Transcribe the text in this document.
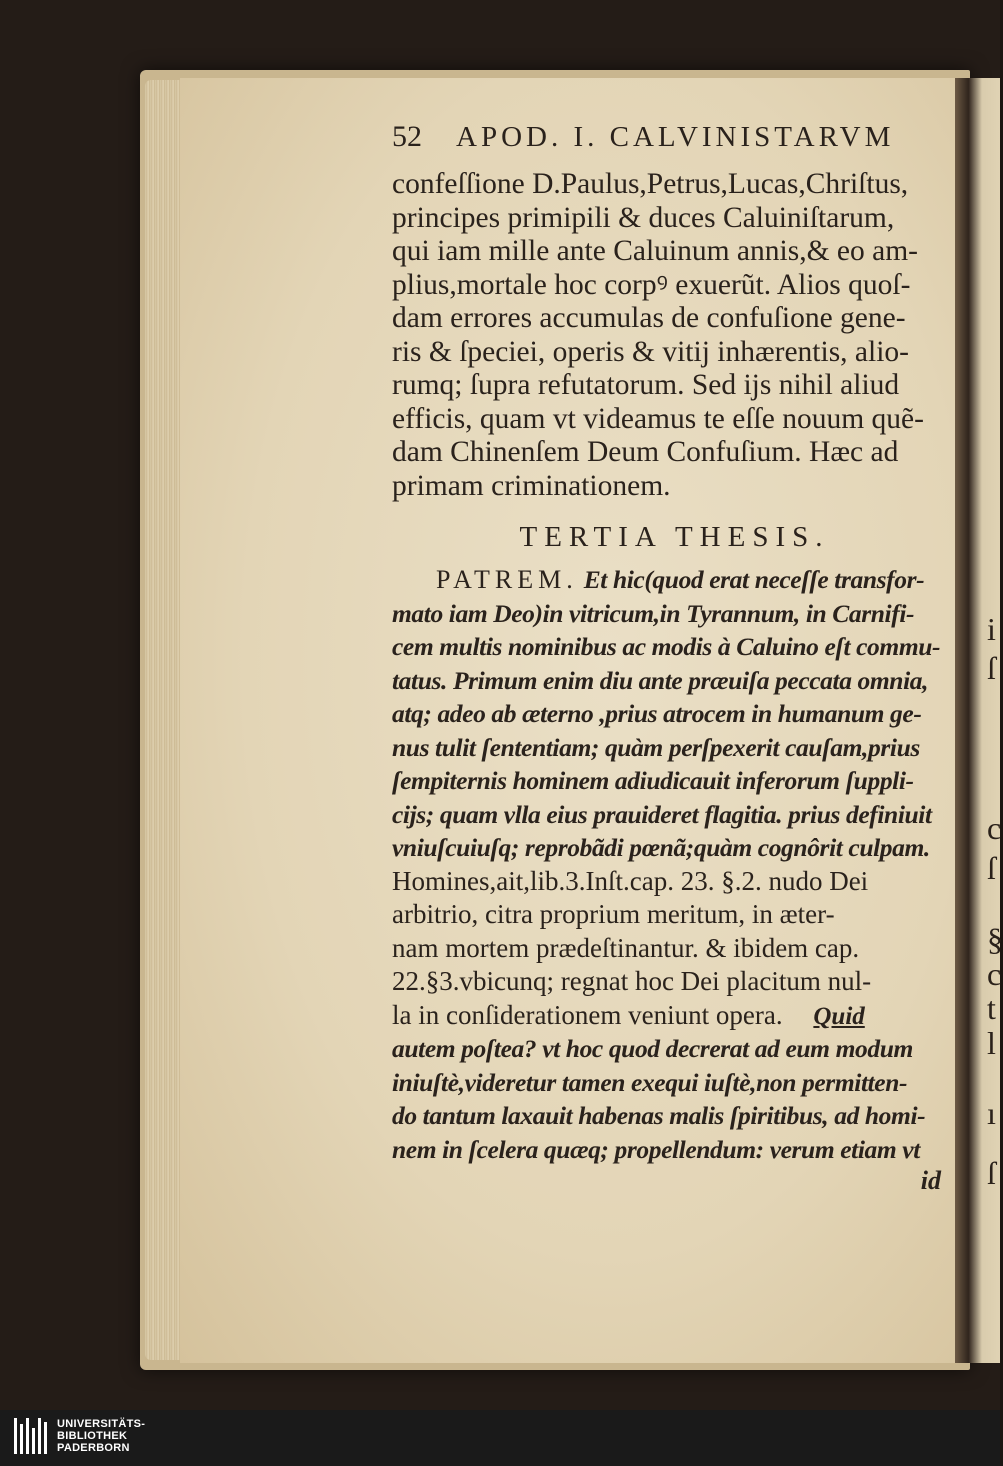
i
ſ
c
ſ
§
c
t
l
ı
ſ
52 APOD. I. CALVINISTARVM
confeſſione D.Paulus,Petrus,Lucas,Chriſtus,
principes primipili & duces Caluiniſtarum,
qui iam mille ante Caluinum annis,& eo am-
plius,mortale hoc corpꝰ exuerũt. Alios quoſ-
dam errores accumulas de confuſione gene-
ris & ſpeciei, operis & vitij inhærentis, alio-
rumq; ſupra refutatorum. Sed ijs nihil aliud
efficis, quam vt videamus te eſſe nouum quẽ-
dam Chinenſem Deum Confuſium. Hæc ad
primam criminationem.
TERTIA THESIS.
PATREM. Et hic(quod erat neceſſe transfor-
mato iam Deo)in vitricum,in Tyrannum, in Carnifi-
cem multis nominibus ac modis à Caluino eſt commu-
tatus. Primum enim diu ante præuiſa peccata omnia,
atq; adeo ab æterno ,prius atrocem in humanum ge-
nus tulit ſententiam; quàm perſpexerit cauſam,prius
ſempiternis hominem adiudicauit inferorum ſuppli-
cijs; quam vlla eius prauideret flagitia. prius definiuit
vniuſcuiuſq; reprobãdi pœnã;quàm cognôrit culpam.
Homines,ait,lib.3.Inſt.cap. 23. §.2. nudo Dei
arbitrio, citra proprium meritum, in æter-
nam mortem prædeſtinantur. & ibidem cap.
22.§3.vbicunq; regnat hoc Dei placitum nul-
la in conſiderationem veniunt opera. Quid
autem poſtea? vt hoc quod decrerat ad eum modum
iniuſtè,videretur tamen exequi iuſtè,non permitten-
do tantum laxauit habenas malis ſpiritibus, ad homi-
nem in ſcelera quæq; propellendum: verum etiam vt
id
UNIVERSITÄTS-
BIBLIOTHEK
PADERBORN
